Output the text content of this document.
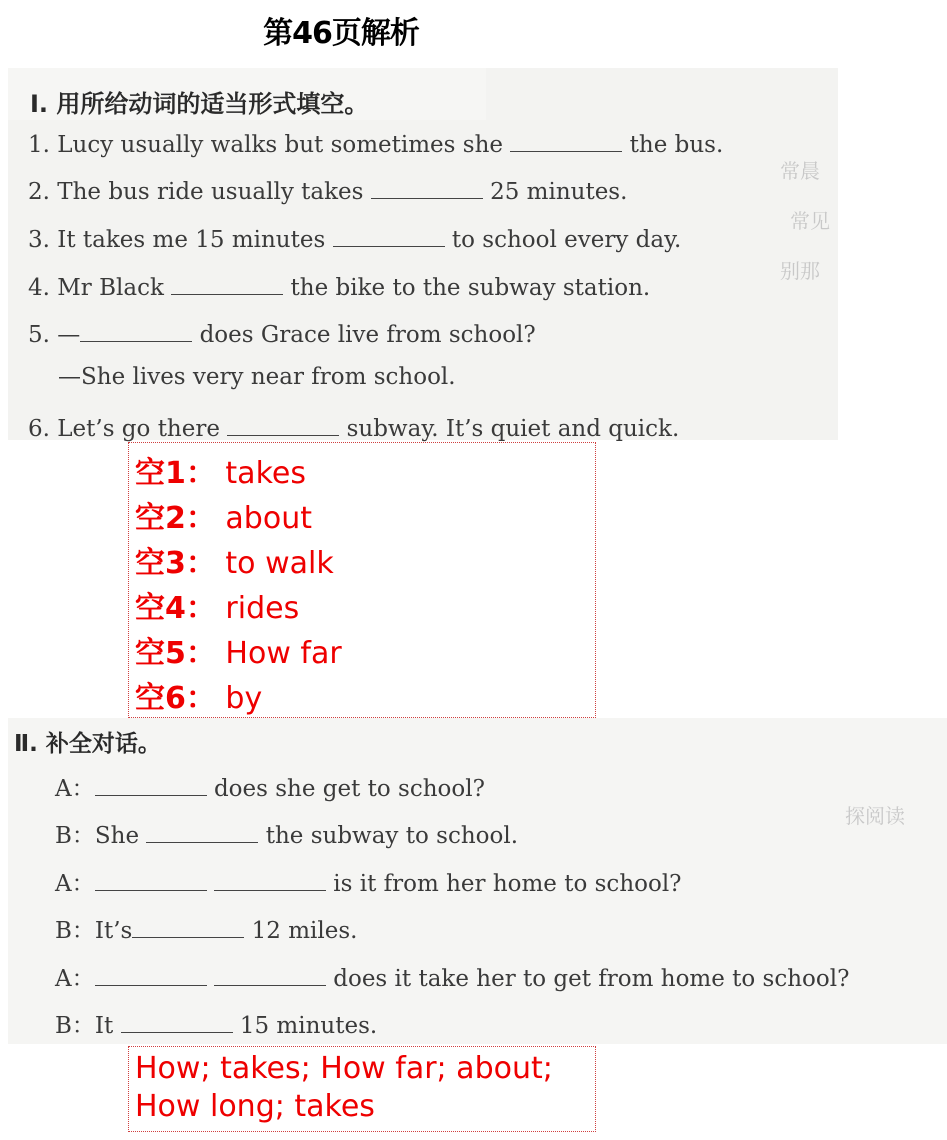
第46页解析
常晨
常见
别那
Ⅰ. 用所给动词的适当形式填空。
1. Lucy usually walks but sometimes she	the bus.
2. The bus ride usually takes	25 minutes.
3. It takes me 15 minutes	to school every day.
4. Mr Black	the bike to the subway station.
5. —	does Grace live from school?
—She lives very near from school.
6. Let’s go there	subway. It’s quiet and quick.
空1： takes
空2： about
空3： to walk
空4： rides
空5： How far
空6： by
探阅读
Ⅱ. 补全对话。
A：	does she get to school?
B：She	the subway to school.
A：	is it from her home to school?
B：It’s	12 miles.
A：	does it take her to get from home to school?
B：It	15 minutes.
How; takes; How far; about;
How long; takes
